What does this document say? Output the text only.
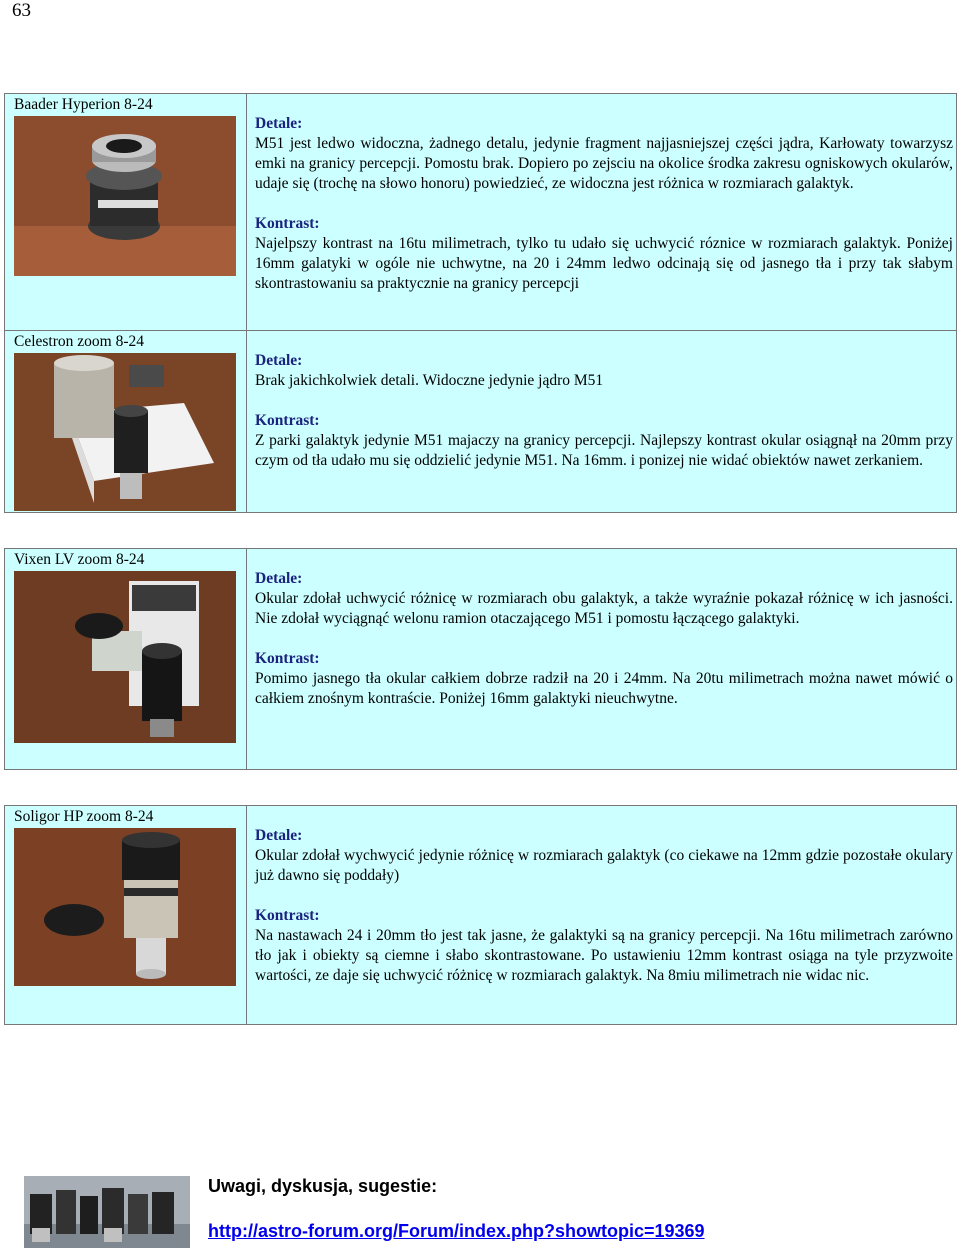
63
Baader Hyperion 8-24
Celestron zoom 8-24

Detale:

M51 jest ledwo widoczna, żadnego detalu, jedynie fragment najjasniejszej części jądra, Karłowaty towarzysz emki na granicy percepcji. Pomostu brak. Dopiero po zejsciu na okolice środka zakresu ogniskowych okularów, udaje się (trochę na słowo honoru) powiedzieć, ze widoczna jest różnica w rozmiarach galaktyk.

Kontrast:

Najelpszy kontrast na 16tu milimetrach, tylko tu udało się uchwycić róznice w rozmiarach galaktyk. Poniżej 16mm galatyki w ogóle nie uchwytne, na 20 i 24mm ledwo odcinają się od jasnego tła i przy tak słabym skontrastowaniu sa praktycznie na granicy percepcji

Detale:

Brak jakichkolwiek detali. Widoczne jedynie jądro M51

Kontrast:

Z parki galaktyk jedynie M51 majaczy na granicy percepcji. Najlepszy kontrast okular osiągnął na 20mm przy czym od tła udało mu się oddzielić jedynie M51. Na 16mm. i ponizej nie widać obiektów nawet zerkaniem.

Vixen LV zoom 8-24

Detale:

Okular zdołał uchwycić różnicę w rozmiarach obu galaktyk, a także wyraźnie pokazał różnicę w ich jasności. Nie zdołał wyciągnąć welonu ramion otaczającego M51 i pomostu łączącego galaktyki.

Kontrast:

Pomimo jasnego tła okular całkiem dobrze radził na 20 i 24mm. Na 20tu milimetrach można nawet mówić o całkiem znośnym kontraście. Poniżej 16mm galaktyki nieuchwytne.

Soligor HP zoom 8-24

Detale:

Okular zdołał wychwycić jedynie różnicę w rozmiarach galaktyk (co ciekawe na 12mm gdzie pozostałe okulary już dawno się poddały)

Kontrast:

Na nastawach 24 i 20mm tło jest tak jasne, że galaktyki są na granicy percepcji. Na 16tu milimetrach zarówno tło jak i obiekty są ciemne i słabo skontrastowane. Po ustawieniu 12mm kontrast osiąga na tyle przyzwoite wartości, ze daje się uchwycić różnicę w rozmiarach galaktyk. Na 8miu milimetrach nie widac nic.

Uwagi, dyskusja, sugestie:
http://astro-forum.org/Forum/index.php?showtopic=19369
